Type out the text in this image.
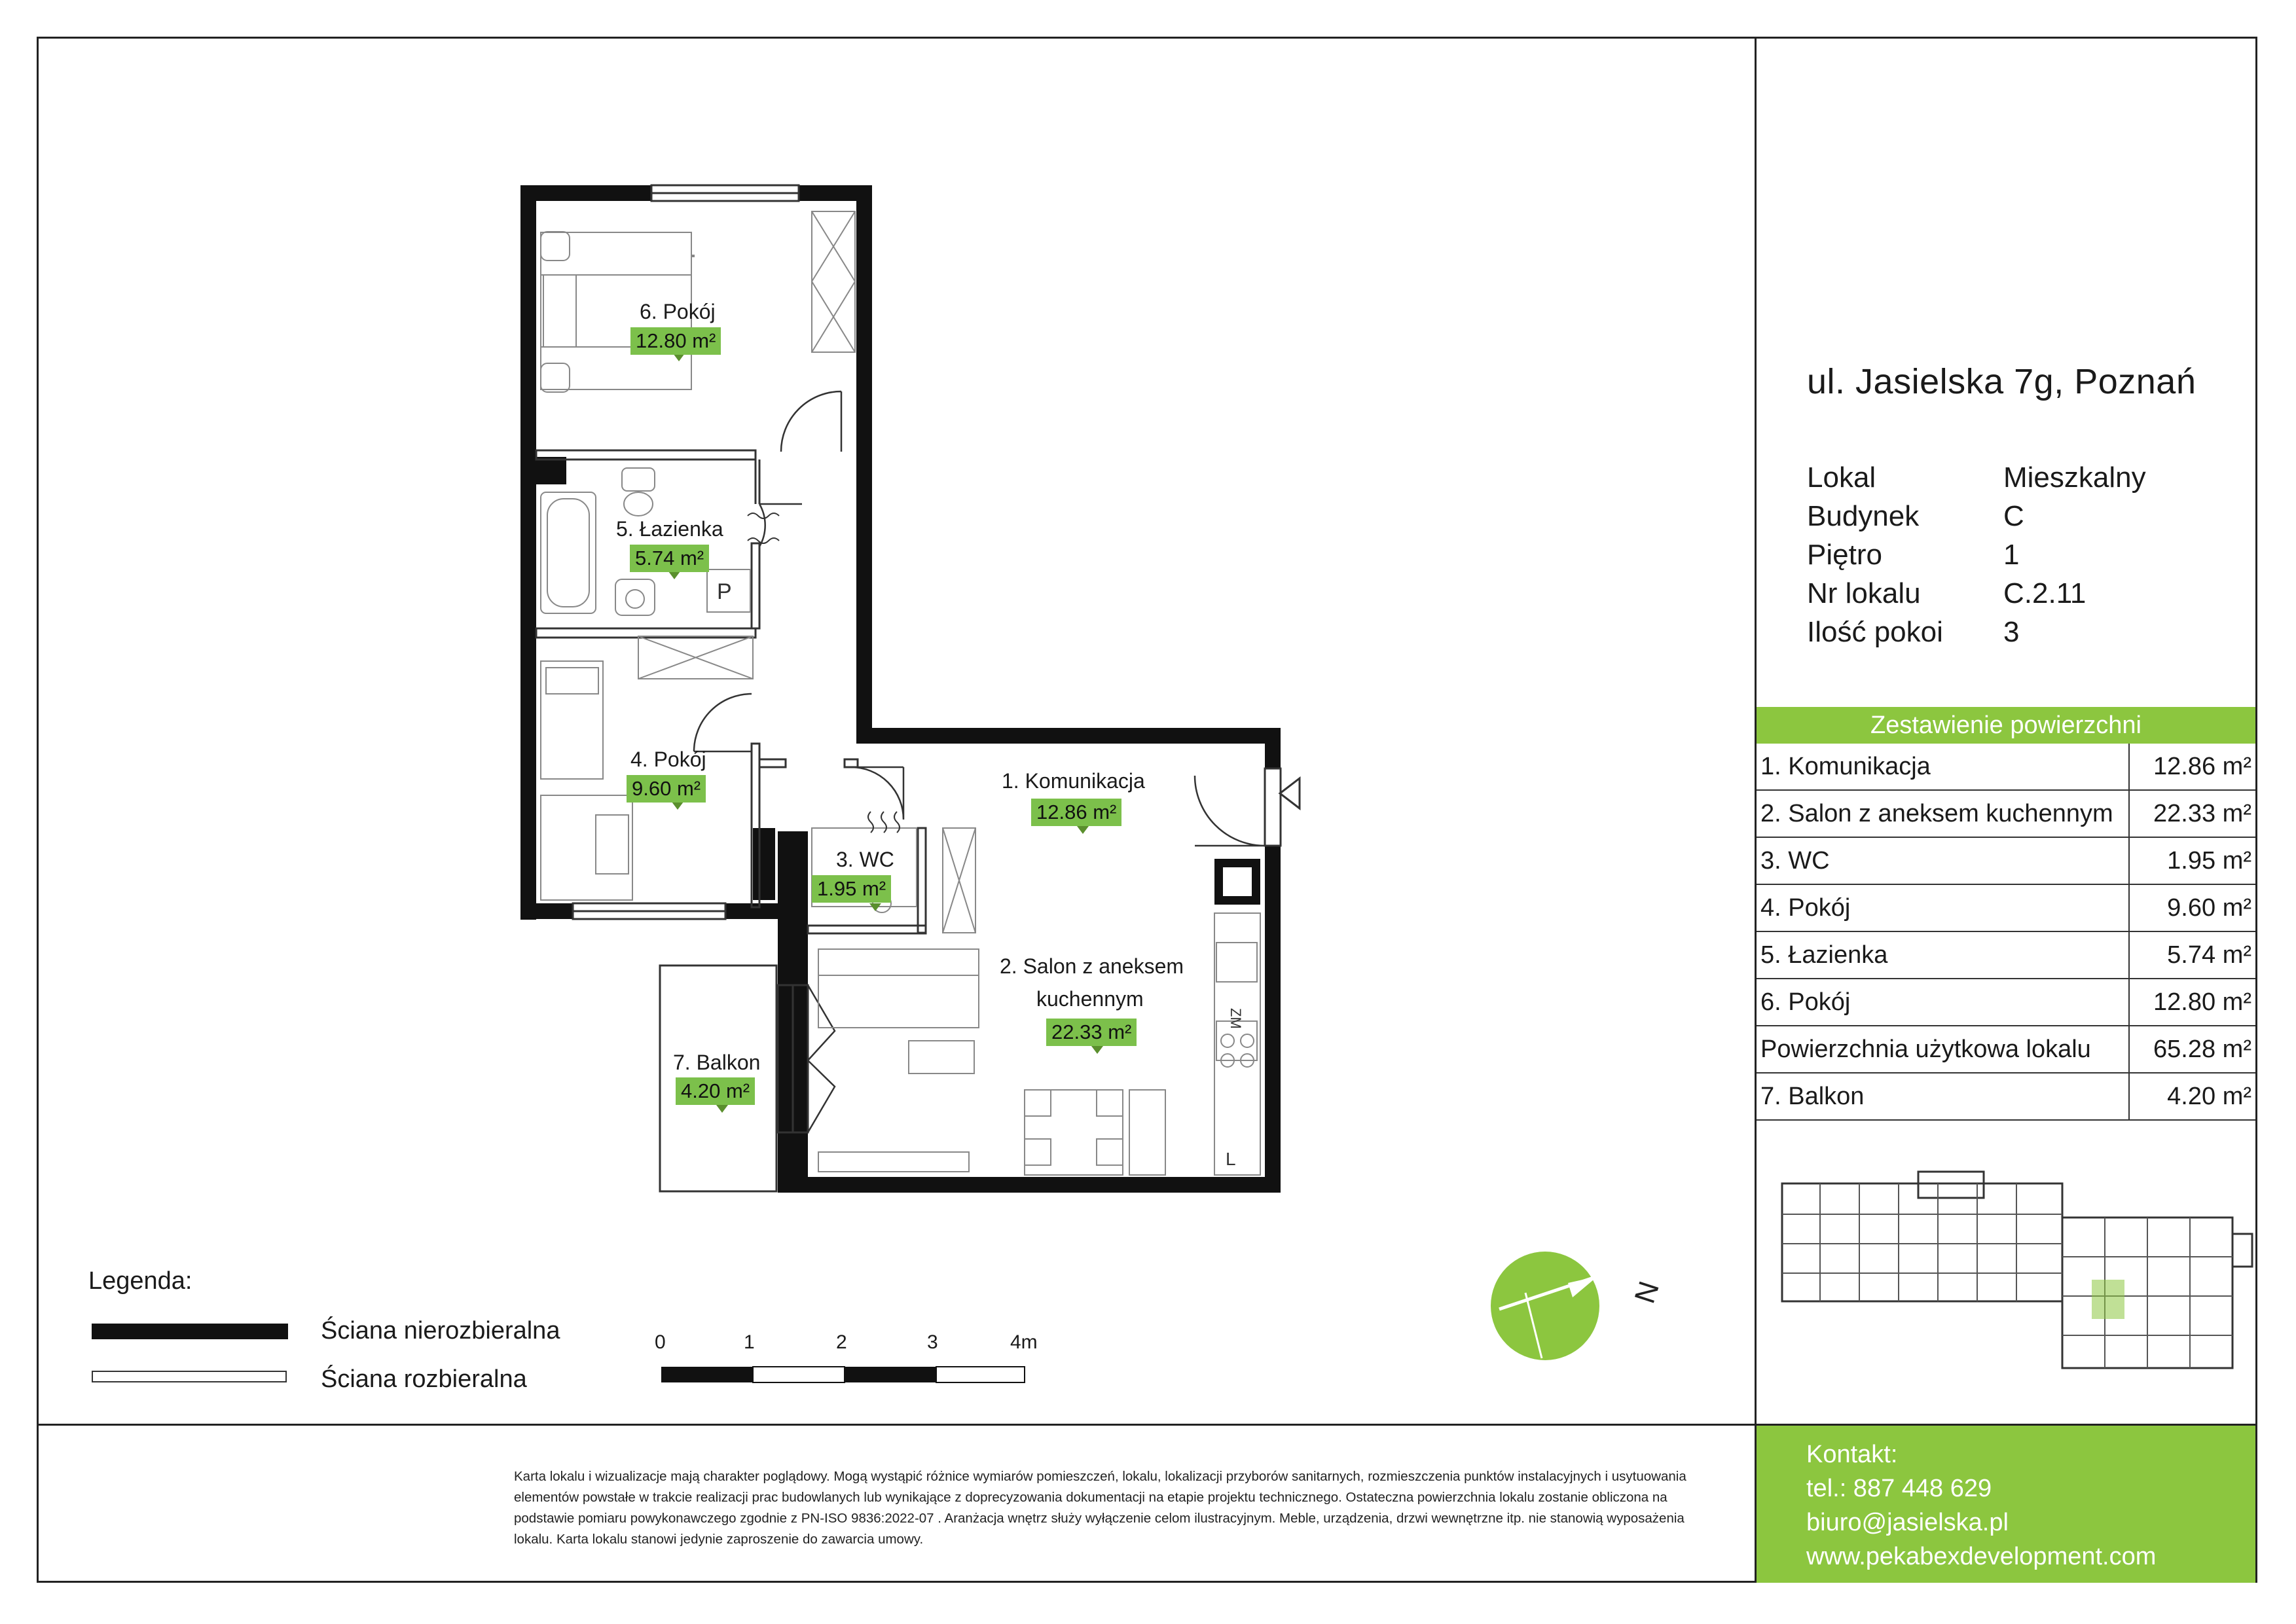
P
ZM
L
N
6. Pokój
12.80 m²
5. Łazienka
5.74 m²
4. Pokój
9.60 m²
3. WC
1.95 m²
1. Komunikacja
12.86 m²
2. Salon z aneksem
kuchennym
22.33 m²
7. Balkon
4.20 m²
Legenda:
Ściana nierozbieralna
Ściana rozbieralna
0	1	2	3	4m
ul. Jasielska 7g, Poznań
Lokal	Mieszkalny
Budynek	C
Piętro	1
Nr lokalu	C.2.11
Ilość pokoi	3
Zestawienie powierzchni
1. Komunikacja	12.86 m²
2. Salon z aneksem kuchennym	22.33 m²
3. WC	1.95 m²
4. Pokój	9.60 m²
5. Łazienka	5.74 m²
6. Pokój	12.80 m²
Powierzchnia użytkowa lokalu	65.28 m²
7. Balkon	4.20 m²
Karta lokalu i wizualizacje mają charakter poglądowy. Mogą wystąpić różnice wymiarów pomieszczeń, lokalu, lokalizacji przyborów sanitarnych, rozmieszczenia punktów instalacyjnych i usytuowania elementów powstałe w trakcie realizacji prac budowlanych lub wynikające z doprecyzowania dokumentacji na etapie projektu technicznego. Ostateczna powierzchnia lokalu zostanie obliczona na podstawie pomiaru powykonawczego zgodnie z PN-ISO 9836:2022-07 . Aranżacja wnętrz służy wyłączenie celom ilustracyjnym. Meble, urządzenia, drzwi wewnętrzne itp. nie stanowią wyposażenia lokalu. Karta lokalu stanowi jedynie zaproszenie do zawarcia umowy.
Kontakt:
tel.: 887 448 629
biuro@jasielska.pl
www.pekabexdevelopment.com
